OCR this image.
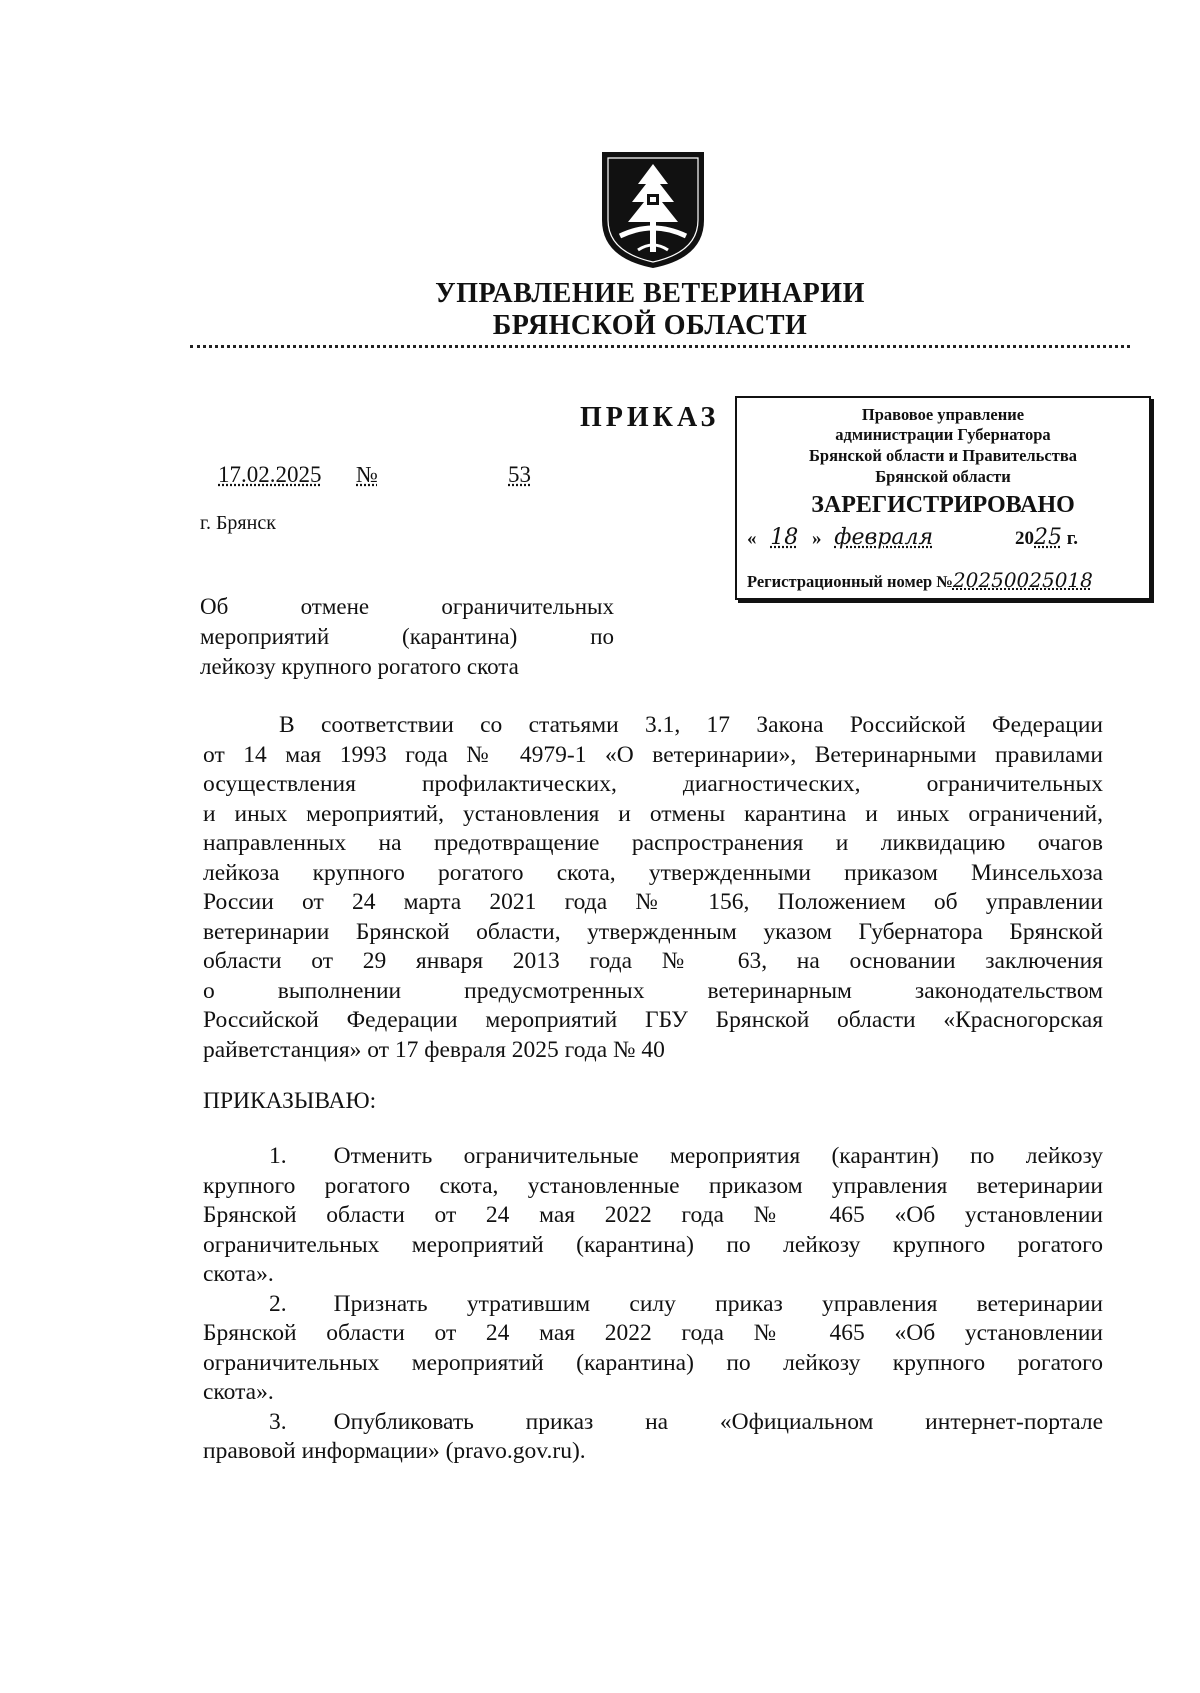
УПРАВЛЕНИЕ ВЕТЕРИНАРИИ
БРЯНСКОЙ ОБЛАСТИ
ПРИКАЗ
17.02.2025 №	53
г. Брянск
Правовое управление
администрации Губернатора
Брянской области и Правительства
Брянской области
ЗАРЕГИСТРИРОВАНО
« 18 » февраля	2025 г.
Регистрационный номер №20250025018
Об отмене ограничительных
мероприятий (карантина) по
лейкозу крупного рогатого скота
В соответствии со статьями 3.1, 17 Закона Российской Федерации
от 14 мая 1993 года № 4979-1 «О ветеринарии», Ветеринарными правилами
осуществления профилактических, диагностических, ограничительных
и иных мероприятий, установления и отмены карантина и иных ограничений,
направленных на предотвращение распространения и ликвидацию очагов
лейкоза крупного рогатого скота, утвержденными приказом Минсельхоза
России от 24 марта 2021 года № 156, Положением об управлении
ветеринарии Брянской области, утвержденным указом Губернатора Брянской
области от 29 января 2013 года № 63, на основании заключения
о выполнении предусмотренных ветеринарным законодательством
Российской Федерации мероприятий ГБУ Брянской области «Красногорская
райветстанция» от 17 февраля 2025 года № 40
ПРИКАЗЫВАЮ:
1.  Отменить ограничительные мероприятия (карантин) по лейкозу
крупного рогатого скота, установленные приказом управления ветеринарии
Брянской области от 24 мая 2022 года № 465 «Об установлении
ограничительных мероприятий (карантина) по лейкозу крупного рогатого
скота».
2.  Признать утратившим силу приказ управления ветеринарии
Брянской области от 24 мая 2022 года № 465 «Об установлении
ограничительных мероприятий (карантина) по лейкозу крупного рогатого
скота».
3.  Опубликовать приказ на «Официальном интернет-портале
правовой информации» (pravo.gov.ru).
